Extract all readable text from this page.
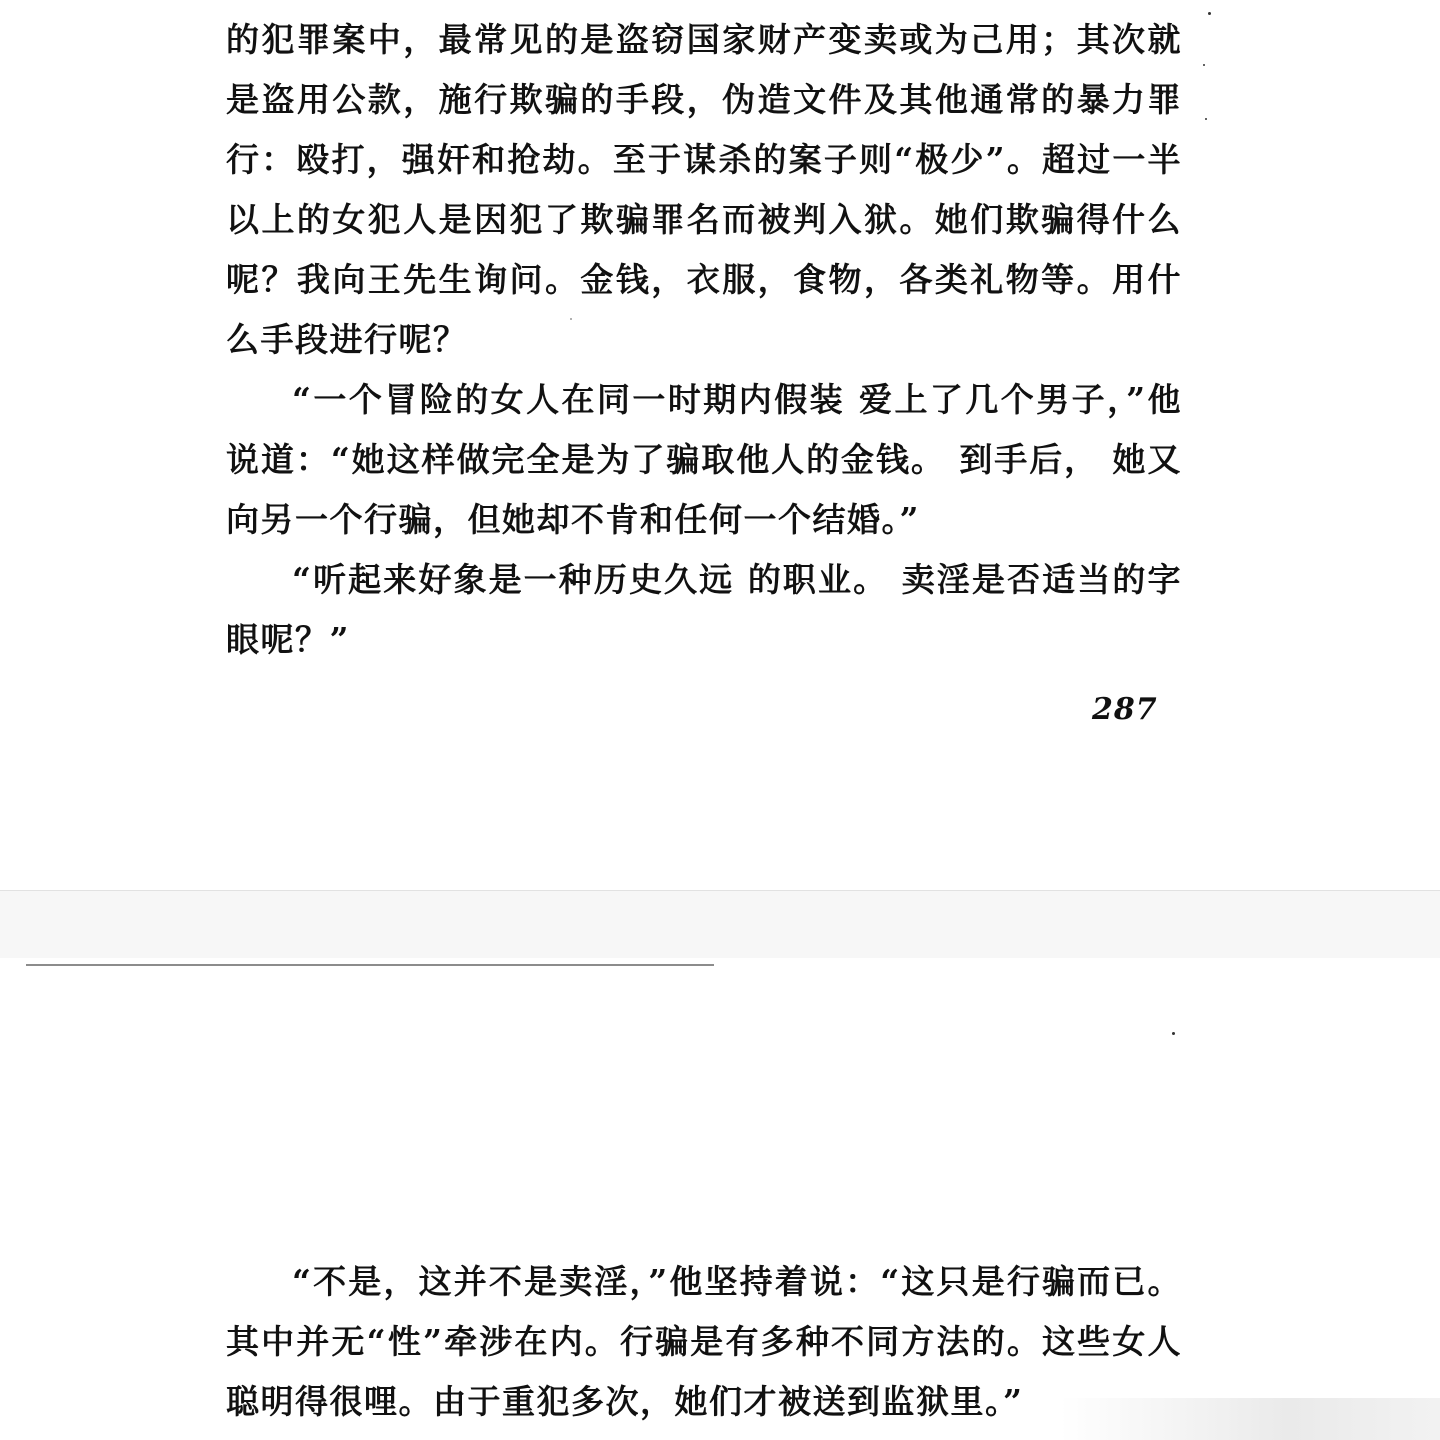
的犯罪案中，最常见的是盗窃国家财产变卖或为己用；其次就是盗用公款，施行欺骗的手段，伪造文件及其他通常的暴力罪行：殴打，强奸和抢劫。至于谋杀的案子则“极少”。超过一半以上的女犯人是因犯了欺骗罪名而被判入狱。她们欺骗得什么呢？我向王先生询问。金钱，衣服，食物，各类礼物等。用什么手段进行呢？

“一个冒险的女人在同一时期内假装 爱上了几个男子，”他说道：“她这样做完全是为了骗取他人的金钱。 到手后， 她又向另一个行骗，但她却不肯和任何一个结婚。”

“听起来好象是一种历史久远 的职业。 卖淫是否适当的字眼呢？”

287

“不是，这并不是卖淫，”他坚持着说：“这只是行骗而已。其中并无“性”牵涉在内。行骗是有多种不同方法的。这些女人聪明得很哩。由于重犯多次，她们才被送到监狱里。”
